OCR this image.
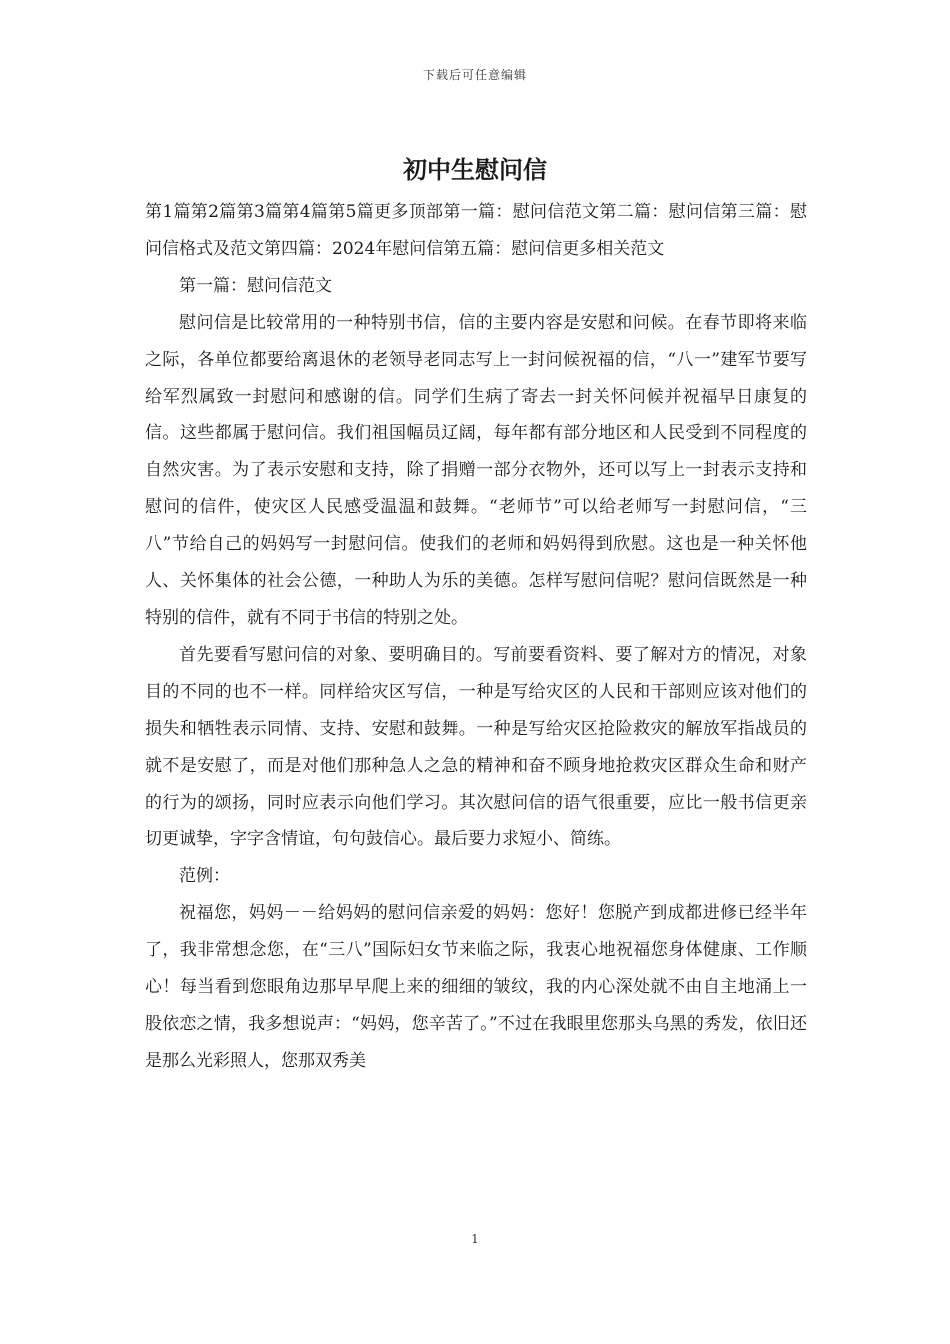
下载后可任意编辑
初中生慰问信

第1篇第2篇第3篇第4篇第5篇更多顶部第一篇：慰问信范文第二篇：慰问信第三篇：慰问信格式及范文第四篇：2024年慰问信第五篇：慰问信更多相关范文

第一篇：慰问信范文

慰问信是比较常用的一种特别书信，信的主要内容是安慰和问候。在春节即将来临之际，各单位都要给离退休的老领导老同志写上一封问候祝福的信，“八一”建军节要写给军烈属致一封慰问和感谢的信。同学们生病了寄去一封关怀问候并祝福早日康复的信。这些都属于慰问信。我们祖国幅员辽阔，每年都有部分地区和人民受到不同程度的自然灾害。为了表示安慰和支持，除了捐赠一部分衣物外，还可以写上一封表示支持和慰问的信件，使灾区人民感受温温和鼓舞。“老师节”可以给老师写一封慰问信，“三八”节给自己的妈妈写一封慰问信。使我们的老师和妈妈得到欣慰。这也是一种关怀他人、关怀集体的社会公德，一种助人为乐的美德。怎样写慰问信呢？慰问信既然是一种特别的信件，就有不同于书信的特别之处。

首先要看写慰问信的对象、要明确目的。写前要看资料、要了解对方的情况，对象目的不同的也不一样。同样给灾区写信，一种是写给灾区的人民和干部则应该对他们的损失和牺牲表示同情、支持、安慰和鼓舞。一种是写给灾区抢险救灾的解放军指战员的就不是安慰了，而是对他们那种急人之急的精神和奋不顾身地抢救灾区群众生命和财产的行为的颂扬，同时应表示向他们学习。其次慰问信的语气很重要，应比一般书信更亲切更诚挚，字字含情谊，句句鼓信心。最后要力求短小、简练。

范例：

祝福您，妈妈－－给妈妈的慰问信亲爱的妈妈：您好！您脱产到成都进修已经半年了，我非常想念您，在“三八”国际妇女节来临之际，我衷心地祝福您身体健康、工作顺心！每当看到您眼角边那早早爬上来的细细的皱纹，我的内心深处就不由自主地涌上一股依恋之情，我多想说声：“妈妈，您辛苦了。”不过在我眼里您那头乌黑的秀发，依旧还是那么光彩照人，您那双秀美

1
